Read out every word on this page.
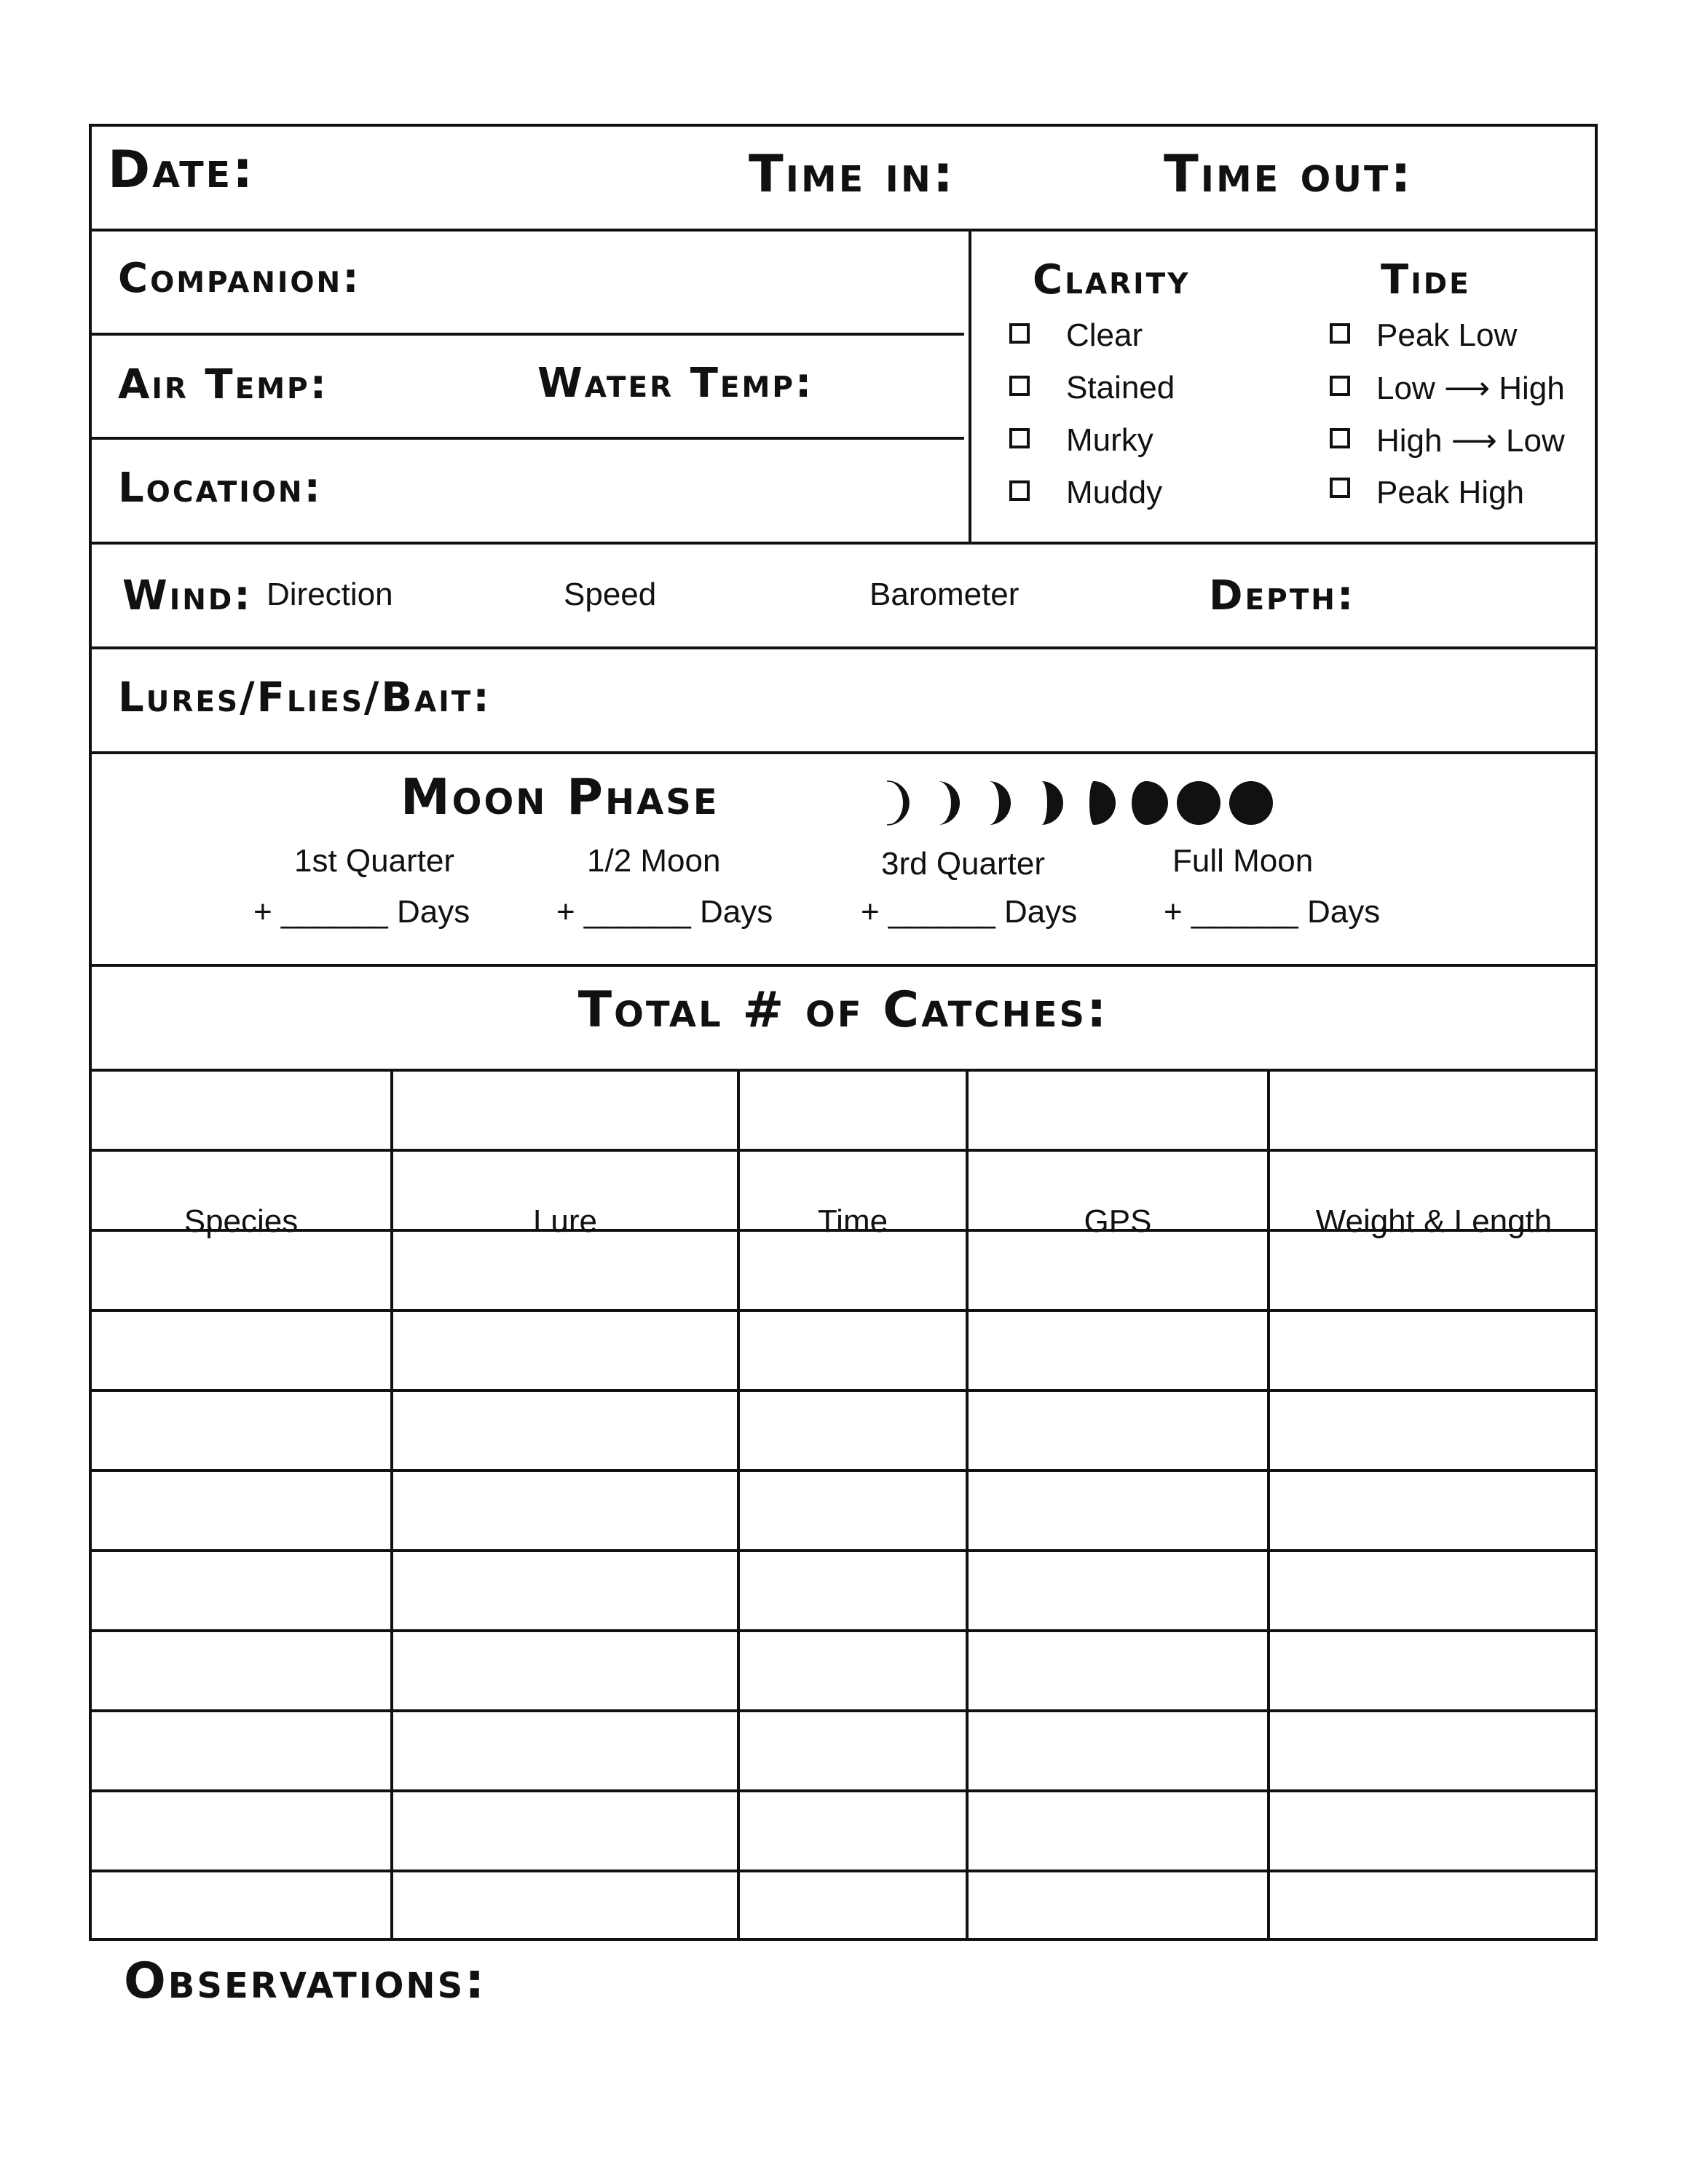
Date:	Time in:	Time out:
Companion:
Air Temp:	Water Temp:
Location:
Clarity
Clear
Stained
Murky
Muddy
Tide
Peak Low
Low ⟶ High
High ⟶ Low
Peak High
Wind: Direction	Speed	Barometer	Depth:
Lures/Flies/Bait:
Moon Phase
1st Quarter	1/2 Moon	3rd Quarter	Full Moon
+ ______ Days	+ ______ Days	+ ______ Days	+ ______ Days
Total # of Catches:
Species	Lure	Time	GPS	Weight & Length
Observations:
